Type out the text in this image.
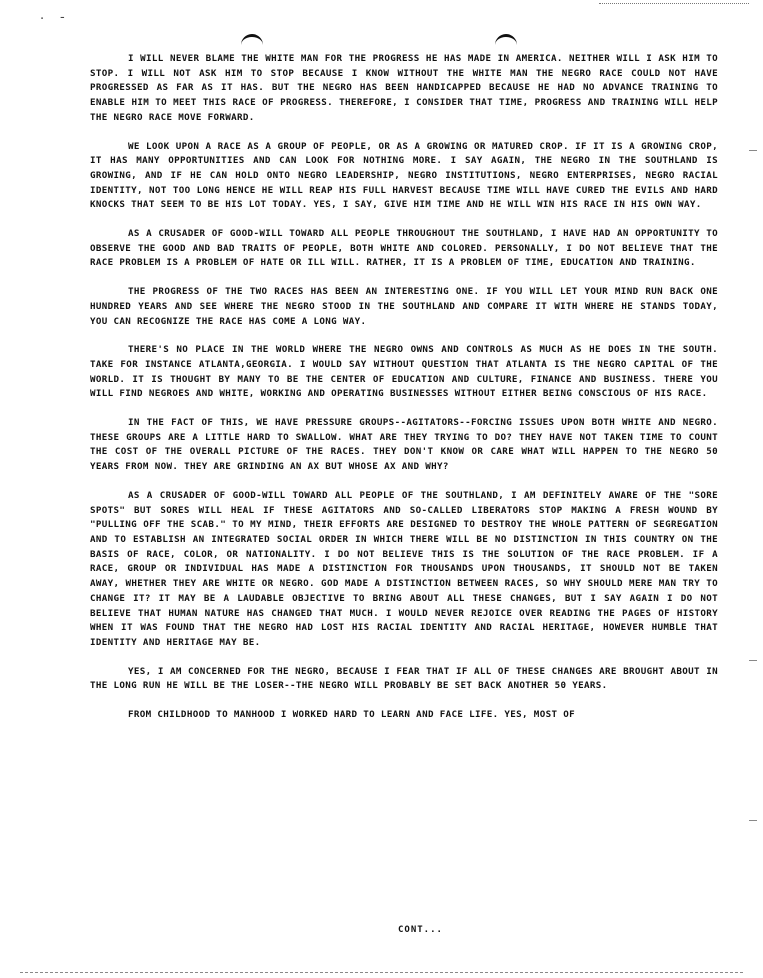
· -

I WILL NEVER BLAME THE WHITE MAN FOR THE PROGRESS HE HAS MADE IN AMERICA. NEITHER WILL I ASK HIM TO STOP. I WILL NOT ASK HIM TO STOP BECAUSE I KNOW WITHOUT THE WHITE MAN THE NEGRO RACE COULD NOT HAVE PROGRESSED AS FAR AS IT HAS. BUT THE NEGRO HAS BEEN HANDICAPPED BECAUSE HE HAD NO ADVANCE TRAINING TO ENABLE HIM TO MEET THIS RACE OF PROGRESS. THEREFORE, I CONSIDER THAT TIME, PROGRESS AND TRAINING WILL HELP THE NEGRO RACE MOVE FORWARD.

WE LOOK UPON A RACE AS A GROUP OF PEOPLE, OR AS A GROWING OR MATURED CROP. IF IT IS A GROWING CROP, IT HAS MANY OPPORTUNITIES AND CAN LOOK FOR NOTHING MORE. I SAY AGAIN, THE NEGRO IN THE SOUTHLAND IS GROWING, AND IF HE CAN HOLD ONTO NEGRO LEADERSHIP, NEGRO INSTITUTIONS, NEGRO ENTERPRISES, NEGRO RACIAL IDENTITY, NOT TOO LONG HENCE HE WILL REAP HIS FULL HARVEST BECAUSE TIME WILL HAVE CURED THE EVILS AND HARD KNOCKS THAT SEEM TO BE HIS LOT TODAY. YES, I SAY, GIVE HIM TIME AND HE WILL WIN HIS RACE IN HIS OWN WAY.

AS A CRUSADER OF GOOD-WILL TOWARD ALL PEOPLE THROUGHOUT THE SOUTHLAND, I HAVE HAD AN OPPORTUNITY TO OBSERVE THE GOOD AND BAD TRAITS OF PEOPLE, BOTH WHITE AND COLORED. PERSONALLY, I DO NOT BELIEVE THAT THE RACE PROBLEM IS A PROBLEM OF HATE OR ILL WILL. RATHER, IT IS A PROBLEM OF TIME, EDUCATION AND TRAINING.

THE PROGRESS OF THE TWO RACES HAS BEEN AN INTERESTING ONE. IF YOU WILL LET YOUR MIND RUN BACK ONE HUNDRED YEARS AND SEE WHERE THE NEGRO STOOD IN THE SOUTHLAND AND COMPARE IT WITH WHERE HE STANDS TODAY, YOU CAN RECOGNIZE THE RACE HAS COME A LONG WAY.

THERE'S NO PLACE IN THE WORLD WHERE THE NEGRO OWNS AND CONTROLS AS MUCH AS HE DOES IN THE SOUTH. TAKE FOR INSTANCE ATLANTA,GEORGIA. I WOULD SAY WITHOUT QUESTION THAT ATLANTA IS THE NEGRO CAPITAL OF THE WORLD. IT IS THOUGHT BY MANY TO BE THE CENTER OF EDUCATION AND CULTURE, FINANCE AND BUSINESS. THERE YOU WILL FIND NEGROES AND WHITE, WORKING AND OPERATING BUSINESSES WITHOUT EITHER BEING CONSCIOUS OF HIS RACE.

IN THE FACT OF THIS, WE HAVE PRESSURE GROUPS--AGITATORS--FORCING ISSUES UPON BOTH WHITE AND NEGRO. THESE GROUPS ARE A LITTLE HARD TO SWALLOW. WHAT ARE THEY TRYING TO DO? THEY HAVE NOT TAKEN TIME TO COUNT THE COST OF THE OVERALL PICTURE OF THE RACES. THEY DON'T KNOW OR CARE WHAT WILL HAPPEN TO THE NEGRO 50 YEARS FROM NOW. THEY ARE GRINDING AN AX BUT WHOSE AX AND WHY?

AS A CRUSADER OF GOOD-WILL TOWARD ALL PEOPLE OF THE SOUTHLAND, I AM DEFINITELY AWARE OF THE "SORE SPOTS" BUT SORES WILL HEAL IF THESE AGITATORS AND SO-CALLED LIBERATORS STOP MAKING A FRESH WOUND BY "PULLING OFF THE SCAB." TO MY MIND, THEIR EFFORTS ARE DESIGNED TO DESTROY THE WHOLE PATTERN OF SEGREGATION AND TO ESTABLISH AN INTEGRATED SOCIAL ORDER IN WHICH THERE WILL BE NO DISTINCTION IN THIS COUNTRY ON THE BASIS OF RACE, COLOR, OR NATIONALITY. I DO NOT BELIEVE THIS IS THE SOLUTION OF THE RACE PROBLEM. IF A RACE, GROUP OR INDIVIDUAL HAS MADE A DISTINCTION FOR THOUSANDS UPON THOUSANDS, IT SHOULD NOT BE TAKEN AWAY, WHETHER THEY ARE WHITE OR NEGRO. GOD MADE A DISTINCTION BETWEEN RACES, SO WHY SHOULD MERE MAN TRY TO CHANGE IT? IT MAY BE A LAUDABLE OBJECTIVE TO BRING ABOUT ALL THESE CHANGES, BUT I SAY AGAIN I DO NOT BELIEVE THAT HUMAN NATURE HAS CHANGED THAT MUCH. I WOULD NEVER REJOICE OVER READING THE PAGES OF HISTORY WHEN IT WAS FOUND THAT THE NEGRO HAD LOST HIS RACIAL IDENTITY AND RACIAL HERITAGE, HOWEVER HUMBLE THAT IDENTITY AND HERITAGE MAY BE.

YES, I AM CONCERNED FOR THE NEGRO, BECAUSE I FEAR THAT IF ALL OF THESE CHANGES ARE BROUGHT ABOUT IN THE LONG RUN HE WILL BE THE LOSER--THE NEGRO WILL PROBABLY BE SET BACK ANOTHER 50 YEARS.

FROM CHILDHOOD TO MANHOOD I WORKED HARD TO LEARN AND FACE LIFE. YES, MOST OF

CONT...
